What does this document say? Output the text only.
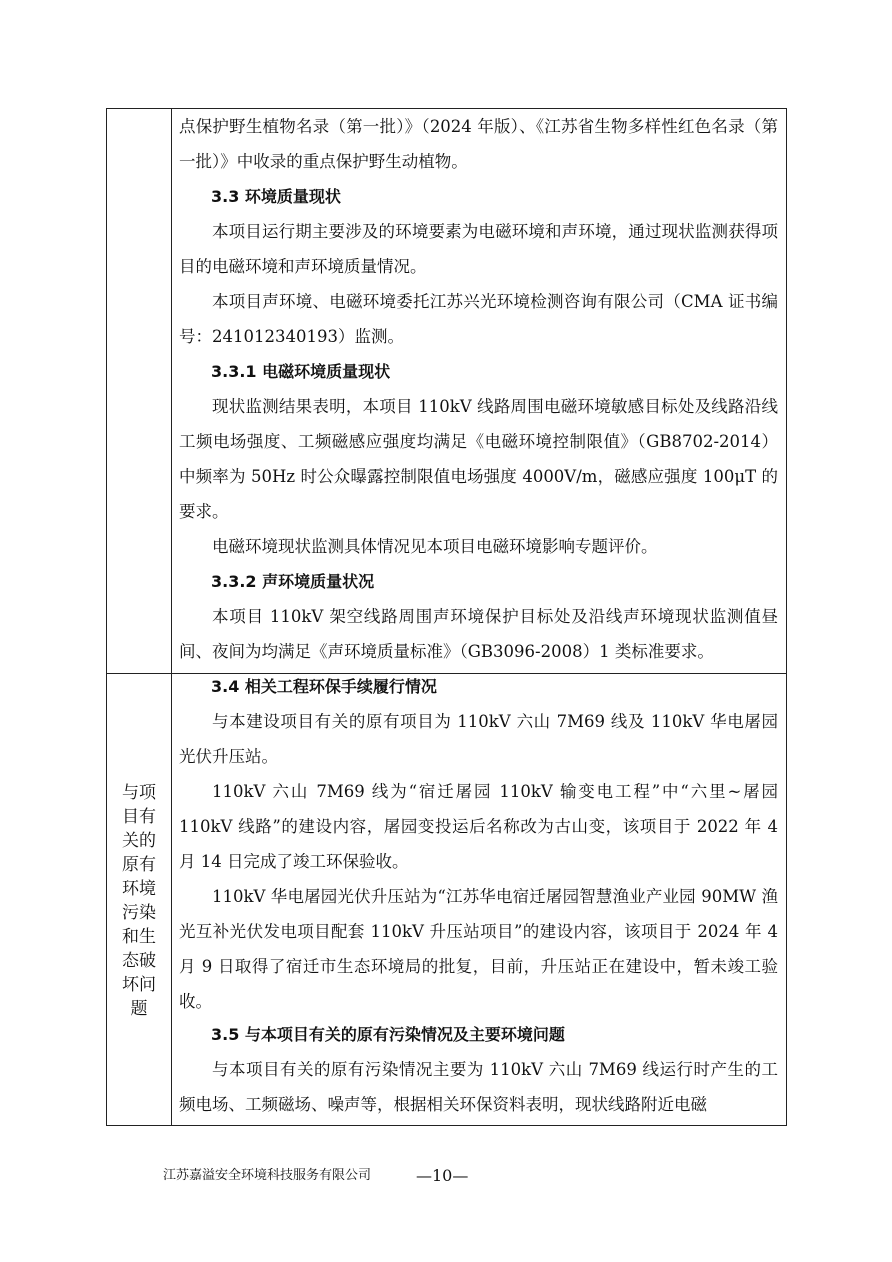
与项
目有
关的
原有
环境
污染
和生
态破
坏问
题
点保护野生植物名录（第一批）》（2024 年版）、《江苏省生物多样性红色名录（第一批）》中收录的重点保护野生动植物。
3.3 环境质量现状
本项目运行期主要涉及的环境要素为电磁环境和声环境，通过现状监测获得项目的电磁环境和声环境质量情况。
本项目声环境、电磁环境委托江苏兴光环境检测咨询有限公司（CMA 证书编号：241012340193）监测。
3.3.1 电磁环境质量现状
现状监测结果表明，本项目 110kV 线路周围电磁环境敏感目标处及线路沿线工频电场强度、工频磁感应强度均满足《电磁环境控制限值》（GB8702-2014）中频率为 50Hz 时公众曝露控制限值电场强度 4000V/m，磁感应强度 100μT 的要求。
电磁环境现状监测具体情况见本项目电磁环境影响专题评价。
3.3.2 声环境质量状况
本项目 110kV 架空线路周围声环境保护目标处及沿线声环境现状监测值昼间、夜间为均满足《声环境质量标准》（GB3096-2008）1 类标准要求。
3.4 相关工程环保手续履行情况
与本建设项目有关的原有项目为 110kV 六山 7M69 线及 110kV 华电屠园光伏升压站。
110kV 六山 7M69 线为“宿迁屠园 110kV 输变电工程”中“六里~屠园 110kV 线路”的建设内容，屠园变投运后名称改为古山变，该项目于 2022 年 4 月 14 日完成了竣工环保验收。
110kV 华电屠园光伏升压站为“江苏华电宿迁屠园智慧渔业产业园 90MW 渔光互补光伏发电项目配套 110kV 升压站项目”的建设内容，该项目于 2024 年 4 月 9 日取得了宿迁市生态环境局的批复，目前，升压站正在建设中，暂未竣工验收。
3.5 与本项目有关的原有污染情况及主要环境问题
与本项目有关的原有污染情况主要为 110kV 六山 7M69 线运行时产生的工频电场、工频磁场、噪声等，根据相关环保资料表明，现状线路附近电磁
江苏嘉溢安全环境科技服务有限公司	—10—
